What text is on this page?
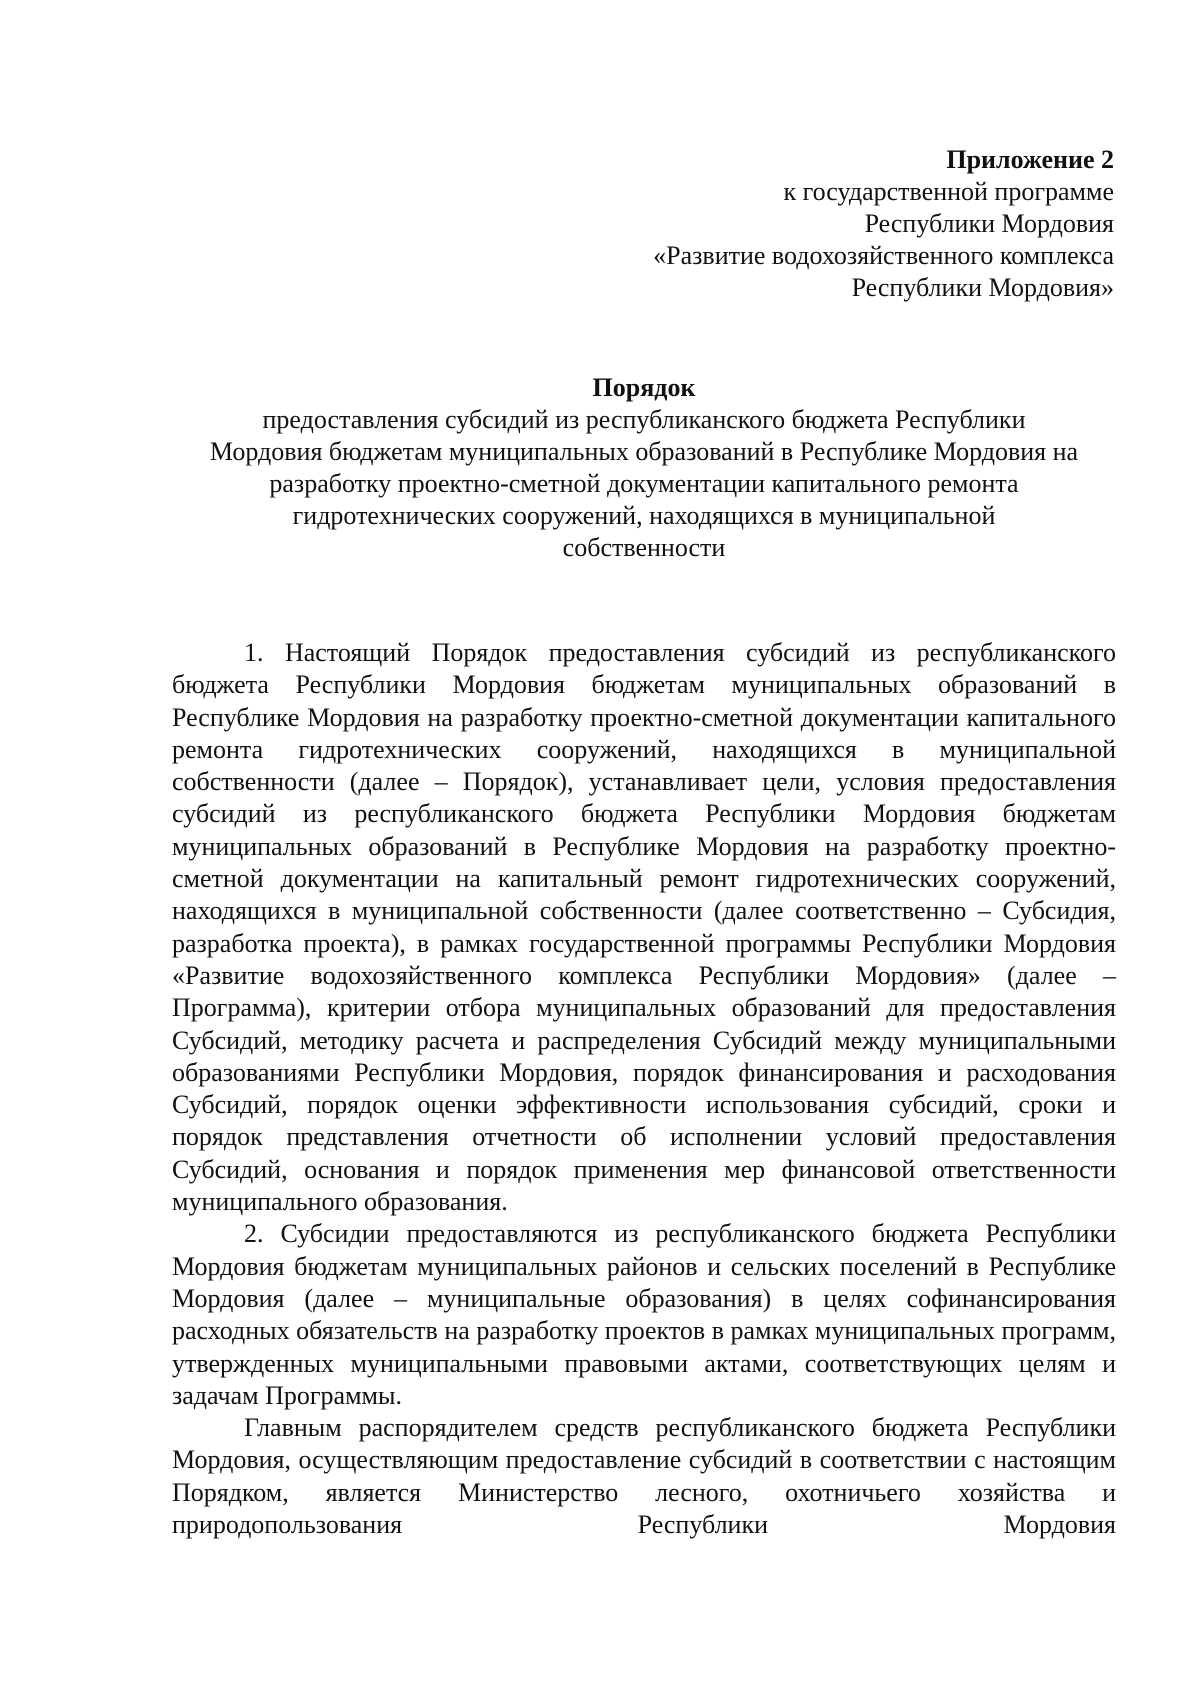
Приложение 2
к государственной программе
Республики Мордовия
«Развитие водохозяйственного комплекса
Республики Мордовия»
Порядок
предоставления субсидий из республиканского бюджета Республики
Мордовия бюджетам муниципальных образований в Республике Мордовия на
разработку проектно-сметной документации капитального ремонта
гидротехнических сооружений, находящихся в муниципальной
собственности

1. Настоящий Порядок предоставления субсидий из республиканского бюджета Республики Мордовия бюджетам муниципальных образований в Республике Мордовия на разработку проектно-сметной документации капитального ремонта гидротехнических сооружений, находящихся в муниципальной собственности (далее – Порядок), устанавливает цели, условия предоставления субсидий из республиканского бюджета Республики Мордовия бюджетам муниципальных образований в Республике Мордовия на разработку проектно-сметной документации на капитальный ремонт гидротехнических сооружений, находящихся в муниципальной собственности (далее соответственно – Субсидия, разработка проекта), в рамках государственной программы Республики Мордовия «Развитие водохозяйственного комплекса Республики Мордовия» (далее – Программа), критерии отбора муниципальных образований для предоставления Субсидий, методику расчета и распределения Субсидий между муниципальными образованиями Республики Мордовия, порядок финансирования и расходования Субсидий, порядок оценки эффективности использования субсидий, сроки и порядок представления отчетности об исполнении условий предоставления Субсидий, основания и порядок применения мер финансовой ответственности муниципального образования.

2. Субсидии предоставляются из республиканского бюджета Республики Мордовия бюджетам муниципальных районов и сельских поселений в Республике Мордовия (далее – муниципальные образования) в целях софинансирования расходных обязательств на разработку проектов в рамках муниципальных программ, утвержденных муниципальными правовыми актами, соответствующих целям и задачам Программы.

Главным распорядителем средств республиканского бюджета Республики Мордовия, осуществляющим предоставление субсидий в соответствии с настоящим Порядком, является Министерство лесного, охотничьего хозяйства и природопользования Республики Мордовия
